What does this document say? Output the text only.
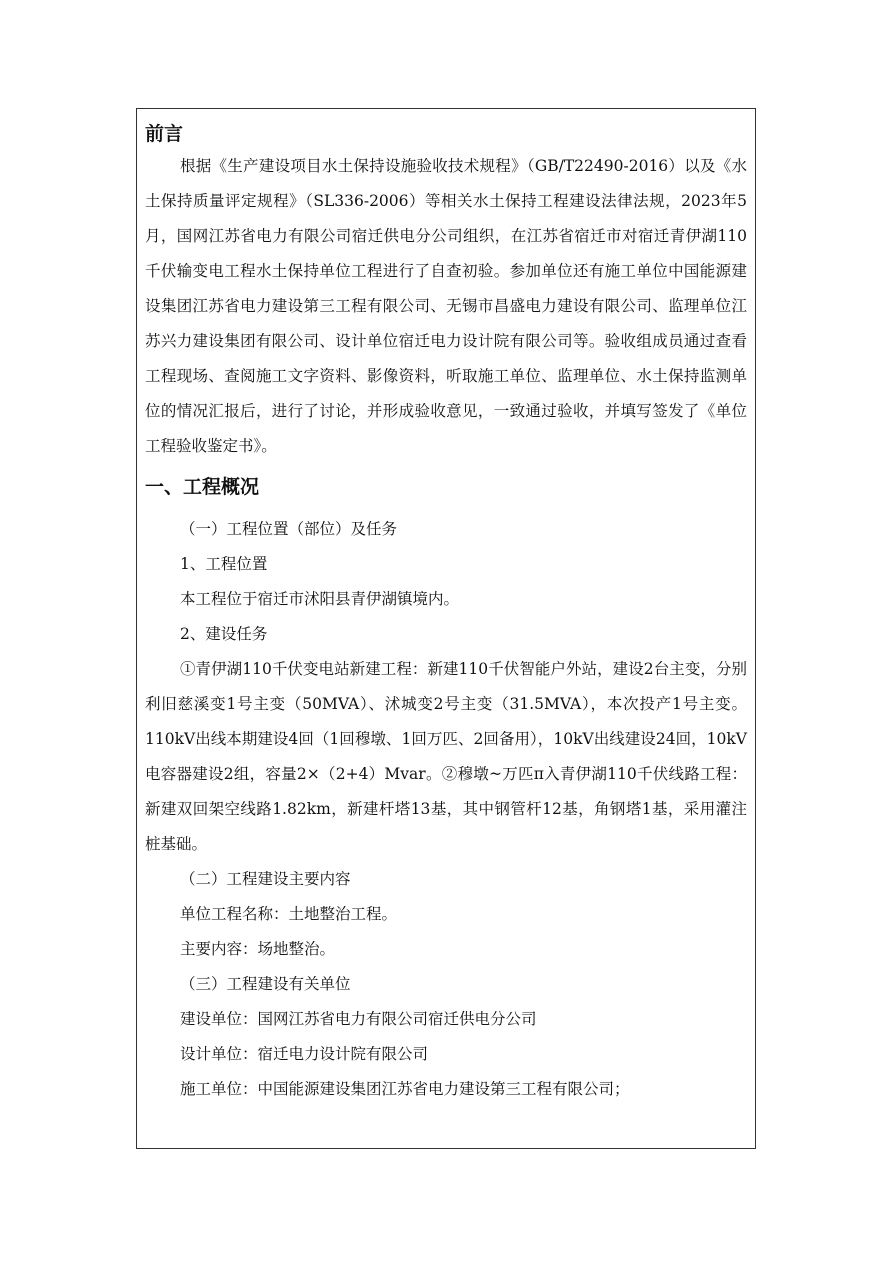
前言

根据《生产建设项目水土保持设施验收技术规程》（GB/T22490-2016）以及《水土保持质量评定规程》（SL336-2006）等相关水土保持工程建设法律法规，2023年5月，国网江苏省电力有限公司宿迁供电分公司组织，在江苏省宿迁市对宿迁青伊湖110千伏输变电工程水土保持单位工程进行了自查初验。参加单位还有施工单位中国能源建设集团江苏省电力建设第三工程有限公司、无锡市昌盛电力建设有限公司、监理单位江苏兴力建设集团有限公司、设计单位宿迁电力设计院有限公司等。验收组成员通过查看工程现场、查阅施工文字资料、影像资料，听取施工单位、监理单位、水土保持监测单位的情况汇报后，进行了讨论，并形成验收意见，一致通过验收，并填写签发了《单位工程验收鉴定书》。

一、工程概况
（一）工程位置（部位）及任务
1、工程位置
本工程位于宿迁市沭阳县青伊湖镇境内。
2、建设任务

①青伊湖110千伏变电站新建工程：新建110千伏智能户外站，建设2台主变，分别利旧慈溪变1号主变（50MVA）、沭城变2号主变（31.5MVA），本次投产1号主变。110kV出线本期建设4回（1回穆墩、1回万匹、2回备用），10kV出线建设24回，10kV电容器建设2组，容量2×（2+4）Mvar。②穆墩~万匹π入青伊湖110千伏线路工程：新建双回架空线路1.82km，新建杆塔13基，其中钢管杆12基，角钢塔1基，采用灌注桩基础。

（二）工程建设主要内容
单位工程名称：土地整治工程。
主要内容：场地整治。
（三）工程建设有关单位
建设单位：国网江苏省电力有限公司宿迁供电分公司
设计单位：宿迁电力设计院有限公司
施工单位：中国能源建设集团江苏省电力建设第三工程有限公司；
